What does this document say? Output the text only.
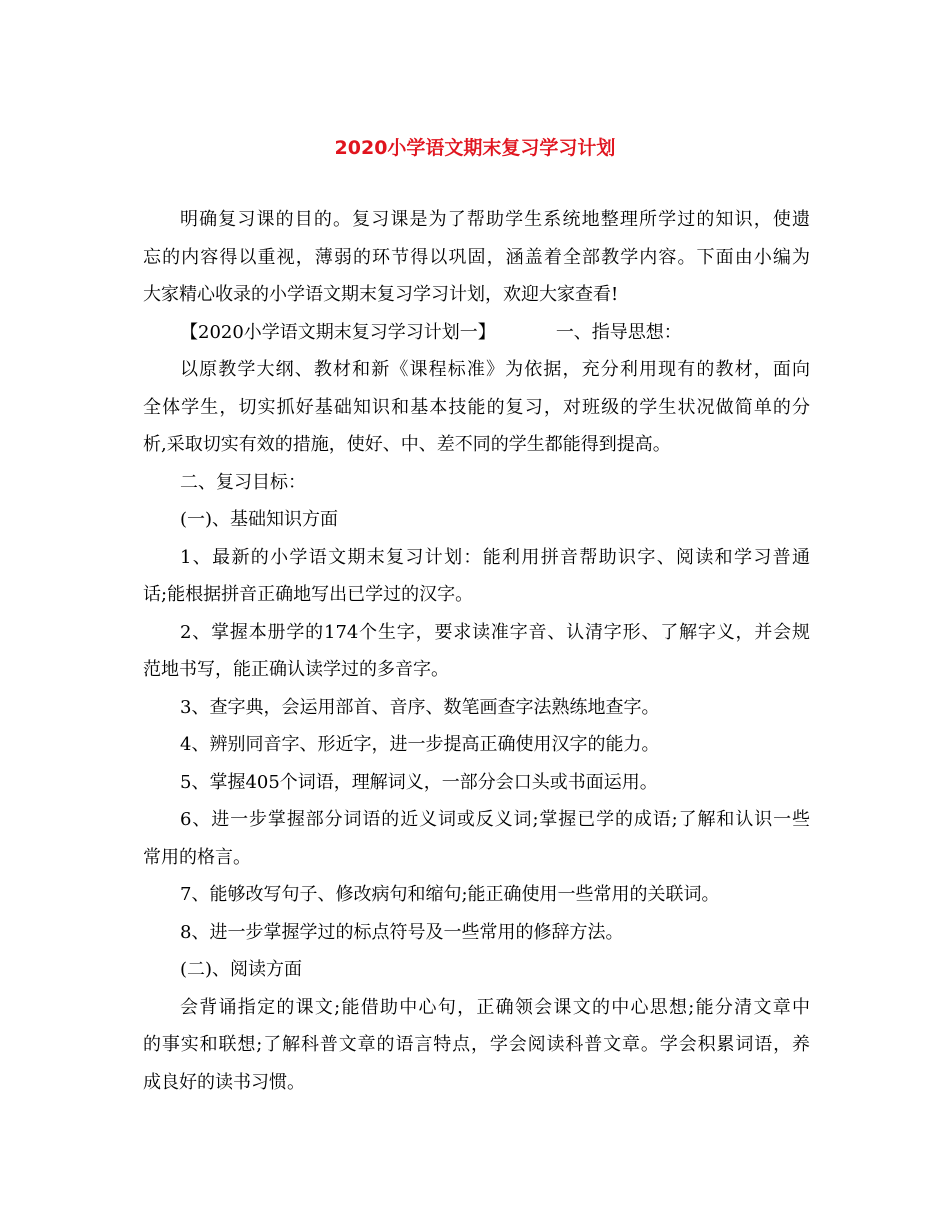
2020小学语文期末复习学习计划
明确复习课的目的。复习课是为了帮助学生系统地整理所学过的知识，使遗
忘的内容得以重视，薄弱的环节得以巩固，涵盖着全部教学内容。下面由小编为
大家精心收录的小学语文期末复习学习计划，欢迎大家查看!
【2020小学语文期末复习学习计划一】	一、指导思想：
以原教学大纲、教材和新《课程标准》为依据，充分利用现有的教材，面向
全体学生，切实抓好基础知识和基本技能的复习，对班级的学生状况做简单的分
析,采取切实有效的措施，使好、中、差不同的学生都能得到提高。
二、复习目标：
(一)、基础知识方面
1、最新的小学语文期末复习计划：能利用拼音帮助识字、阅读和学习普通
话;能根据拼音正确地写出已学过的汉字。
2、掌握本册学的174个生字，要求读准字音、认清字形、了解字义，并会规
范地书写，能正确认读学过的多音字。
3、查字典，会运用部首、音序、数笔画查字法熟练地查字。
4、辨别同音字、形近字，进一步提高正确使用汉字的能力。
5、掌握405个词语，理解词义，一部分会口头或书面运用。
6、进一步掌握部分词语的近义词或反义词;掌握已学的成语;了解和认识一些
常用的格言。
7、能够改写句子、修改病句和缩句;能正确使用一些常用的关联词。
8、进一步掌握学过的标点符号及一些常用的修辞方法。
(二)、阅读方面
会背诵指定的课文;能借助中心句，正确领会课文的中心思想;能分清文章中
的事实和联想;了解科普文章的语言特点，学会阅读科普文章。学会积累词语，养
成良好的读书习惯。
